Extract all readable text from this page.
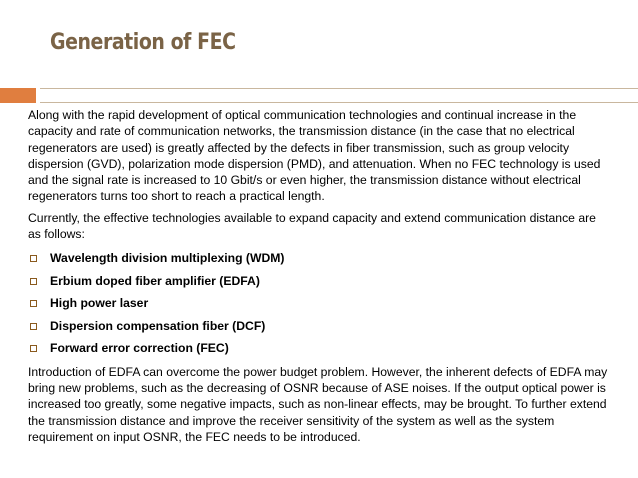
Generation of FEC

Along with the rapid development of optical communication technologies and continual increase in the capacity and rate of communication networks, the transmission distance (in the case that no electrical regenerators are used) is greatly affected by the defects in fiber transmission, such as group velocity dispersion (GVD), polarization mode dispersion (PMD), and attenuation. When no FEC technology is used and the signal rate is increased to 10 Gbit/s or even higher, the transmission distance without electrical regenerators turns too short to reach a practical length.

Currently, the effective technologies available to expand capacity and extend communication distance are as follows:

Wavelength division multiplexing (WDM)
Erbium doped fiber amplifier (EDFA)
High power laser
Dispersion compensation fiber (DCF)
Forward error correction (FEC)

Introduction of EDFA can overcome the power budget problem. However, the inherent defects of EDFA may bring new problems, such as the decreasing of OSNR because of ASE noises. If the output optical power is increased too greatly, some negative impacts, such as non-linear effects, may be brought. To further extend the transmission distance and improve the receiver sensitivity of the system as well as the system requirement on input OSNR, the FEC needs to be introduced.
